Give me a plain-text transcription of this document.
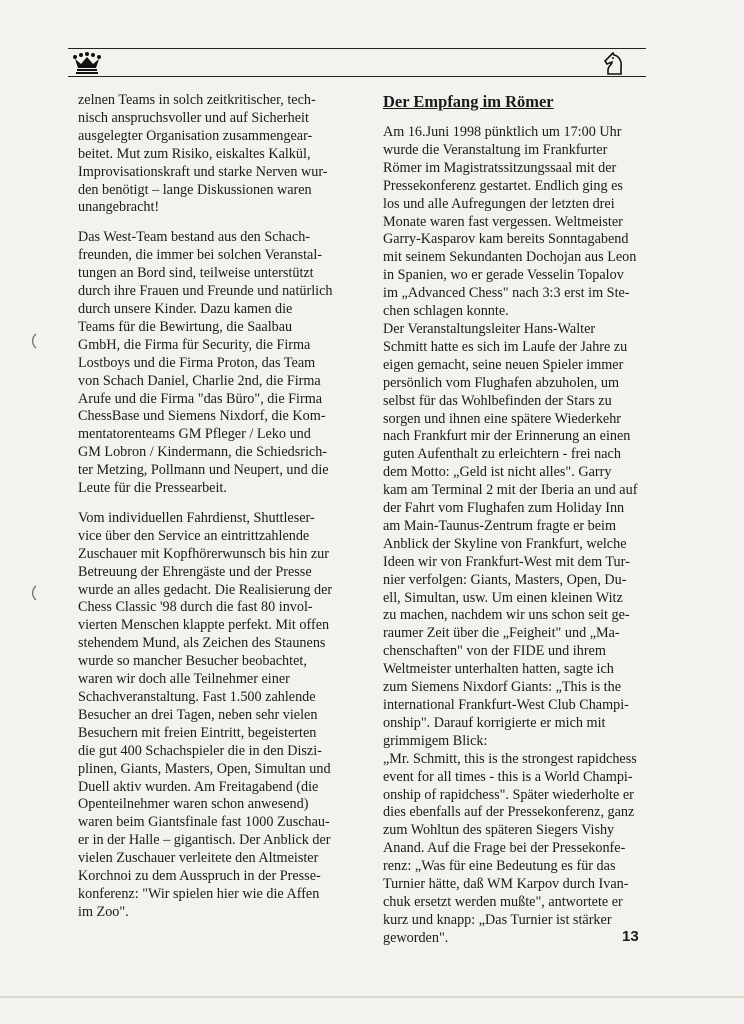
zelnen Teams in solch zeitkritischer, tech-
nisch anspruchsvoller und auf Sicherheit
ausgelegter Organisation zusammengear-
beitet. Mut zum Risiko, eiskaltes Kalkül,
Improvisationskraft und starke Nerven wur-
den benötigt – lange Diskussionen waren
unangebracht!

Das West-Team bestand aus den Schach-
freunden, die immer bei solchen Veranstal-
tungen an Bord sind, teilweise unterstützt
durch ihre Frauen und Freunde und natürlich
durch unsere Kinder. Dazu kamen die
Teams für die Bewirtung, die Saalbau
GmbH, die Firma für Security, die Firma
Lostboys und die Firma Proton, das Team
von Schach Daniel, Charlie 2nd, die Firma
Arufe und die Firma "das Büro", die Firma
ChessBase und Siemens Nixdorf, die Kom-
mentatorenteams GM Pfleger / Leko und
GM Lobron / Kindermann, die Schiedsrich-
ter Metzing, Pollmann und Neupert, und die
Leute für die Pressearbeit.

Vom individuellen Fahrdienst, Shuttleser-
vice über den Service an eintrittzahlende
Zuschauer mit Kopfhörerwunsch bis hin zur
Betreuung der Ehrengäste und der Presse
wurde an alles gedacht. Die Realisierung der
Chess Classic '98 durch die fast 80 invol-
vierten Menschen klappte perfekt. Mit offen
stehendem Mund, als Zeichen des Staunens
wurde so mancher Besucher beobachtet,
waren wir doch alle Teilnehmer einer
Schachveranstaltung. Fast 1.500 zahlende
Besucher an drei Tagen, neben sehr vielen
Besuchern mit freien Eintritt, begeisterten
die gut 400 Schachspieler die in den Diszi-
plinen, Giants, Masters, Open, Simultan und
Duell aktiv wurden. Am Freitagabend (die
Openteilnehmer waren schon anwesend)
waren beim Giantsfinale fast 1000 Zuschau-
er in der Halle – gigantisch. Der Anblick der
vielen Zuschauer verleitete den Altmeister
Korchnoi zu dem Ausspruch in der Presse-
konferenz: "Wir spielen hier wie die Affen
im Zoo".

Der Empfang im Römer

Am 16.Juni 1998 pünktlich um 17:00 Uhr
wurde die Veranstaltung im Frankfurter
Römer im Magistratssitzungssaal mit der
Pressekonferenz gestartet. Endlich ging es
los und alle Aufregungen der letzten drei
Monate waren fast vergessen. Weltmeister
Garry-Kasparov kam bereits Sonntagabend
mit seinem Sekundanten Dochojan aus Leon
in Spanien, wo er gerade Vesselin Topalov
im „Advanced Chess" nach 3:3 erst im Ste-
chen schlagen konnte.

Der Veranstaltungsleiter Hans-Walter
Schmitt hatte es sich im Laufe der Jahre zu
eigen gemacht, seine neuen Spieler immer
persönlich vom Flughafen abzuholen, um
selbst für das Wohlbefinden der Stars zu
sorgen und ihnen eine spätere Wiederkehr
nach Frankfurt mir der Erinnerung an einen
guten Aufenthalt zu erleichtern - frei nach
dem Motto: „Geld ist nicht alles". Garry
kam am Terminal 2 mit der Iberia an und auf
der Fahrt vom Flughafen zum Holiday Inn
am Main-Taunus-Zentrum fragte er beim
Anblick der Skyline von Frankfurt, welche
Ideen wir von Frankfurt-West mit dem Tur-
nier verfolgen: Giants, Masters, Open, Du-
ell, Simultan, usw. Um einen kleinen Witz
zu machen, nachdem wir uns schon seit ge-
raumer Zeit über die „Feigheit" und „Ma-
chenschaften" von der FIDE und ihrem
Weltmeister unterhalten hatten, sagte ich
zum Siemens Nixdorf Giants: „This is the
international Frankfurt-West Club Champi-
onship". Darauf korrigierte er mich mit
grimmigem Blick:

„Mr. Schmitt, this is the strongest rapidchess
event for all times - this is a World Champi-
onship of rapidchess". Später wiederholte er
dies ebenfalls auf der Pressekonferenz, ganz
zum Wohltun des späteren Siegers Vishy
Anand. Auf die Frage bei der Pressekonfe-
renz: „Was für eine Bedeutung es für das
Turnier hätte, daß WM Karpov durch Ivan-
chuk ersetzt werden mußte", antwortete er
kurz und knapp: „Das Turnier ist stärker
geworden".	13
